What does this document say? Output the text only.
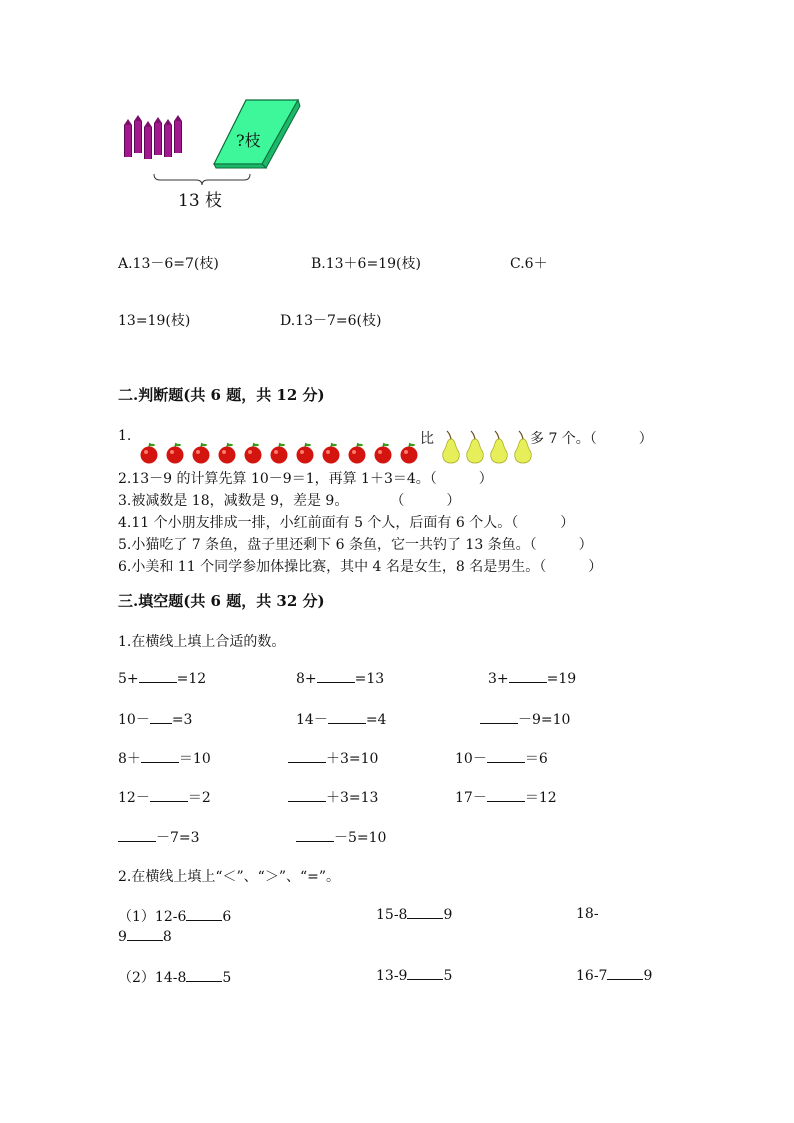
?枝
13 枝
A.13－6=7(枝)	B.13＋6=19(枝)	C.6＋
13=19(枝)	D.13－7=6(枝)
二.判断题(共 6 题，共 12 分)
1.	比	多 7 个。（　　　）
2.13－9 的计算先算 10－9＝1，再算 1＋3＝4。（　　　）
3.被减数是 18，减数是 9，差是 9。　　　　（　　　）
4.11 个小朋友排成一排，小红前面有 5 个人，后面有 6 个人。（　　　）
5.小猫吃了 7 条鱼，盘子里还剩下 6 条鱼，它一共钓了 13 条鱼。（　　　）
6.小美和 11 个同学参加体操比赛，其中 4 名是女生，8 名是男生。（　　　）
三.填空题(共 6 题，共 32 分)
1.在横线上填上合适的数。
5+	=12	8+	=13	3+	=19
10－ =3	14－	=4	－9=10
8＋	＝10	＋3=10	10－	＝6
12－	＝2	＋3=13	17－	＝12
－7=3	－5=10
2.在横线上填上“＜”、“＞”、“=”。
（1）12-6	6	15-8	9	18-
9	8
（2）14-8	5	13-9	5	16-7	9
